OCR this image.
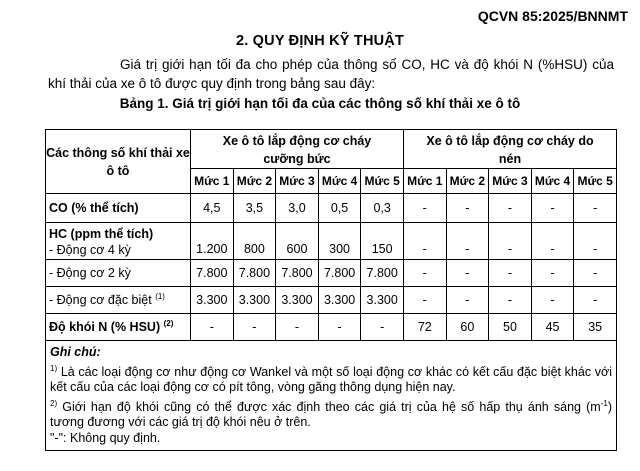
QCVN 85:2025/BNNMT
2. QUY ĐỊNH KỸ THUẬT
Giá trị giới hạn tối đa cho phép của thông số CO, HC và độ khói N (%HSU) của khí thải của xe ô tô được quy định trong bảng sau đây:
Bảng 1. Giá trị giới hạn tối đa của các thông số khí thải xe ô tô
Các thông số khí thải xe ô tô	Xe ô tô lắp động cơ cháy cưỡng bức					Xe ô tô lắp động cơ cháy do nén				
	Mức 1	Mức 2	Mức 3	Mức 4	Mức 5	Mức 1	Mức 2	Mức 3	Mức 4	Mức 5
CO (% thể tích)	4,5	3,5	3,0	0,5	0,3	-	-	-	-	-

HC (ppm thể tích)
- Động cơ 4 kỳ	1.200	800	600	300	150	-	-	-	-	-
- Động cơ 2 kỳ	7.800	7.800	7.800	7.800	7.800	-	-	-	-	-
- Động cơ đặc biệt $^{(1)}$	3.300	3.300	3.300	3.300	3.300	-	-	-	-	-
Độ khói N (% HSU) $^{(2)}$	-	-	-	-	-	72	60	50	45	35

Ghi chú:

$^{1)}$ Là các loại động cơ như động cơ Wankel và một số loại động cơ khác có kết cấu đặc biệt khác với kết cấu của các loại động cơ có pít tông, vòng găng thông dụng hiện nay.

$^{2)}$ Giới hạn độ khói cũng có thể được xác định theo các giá trị của hệ số hấp thụ ánh sáng $(m^{-1})$ tương đương với các giá trị độ khói nêu ở trên.

"-": Không quy định.										
